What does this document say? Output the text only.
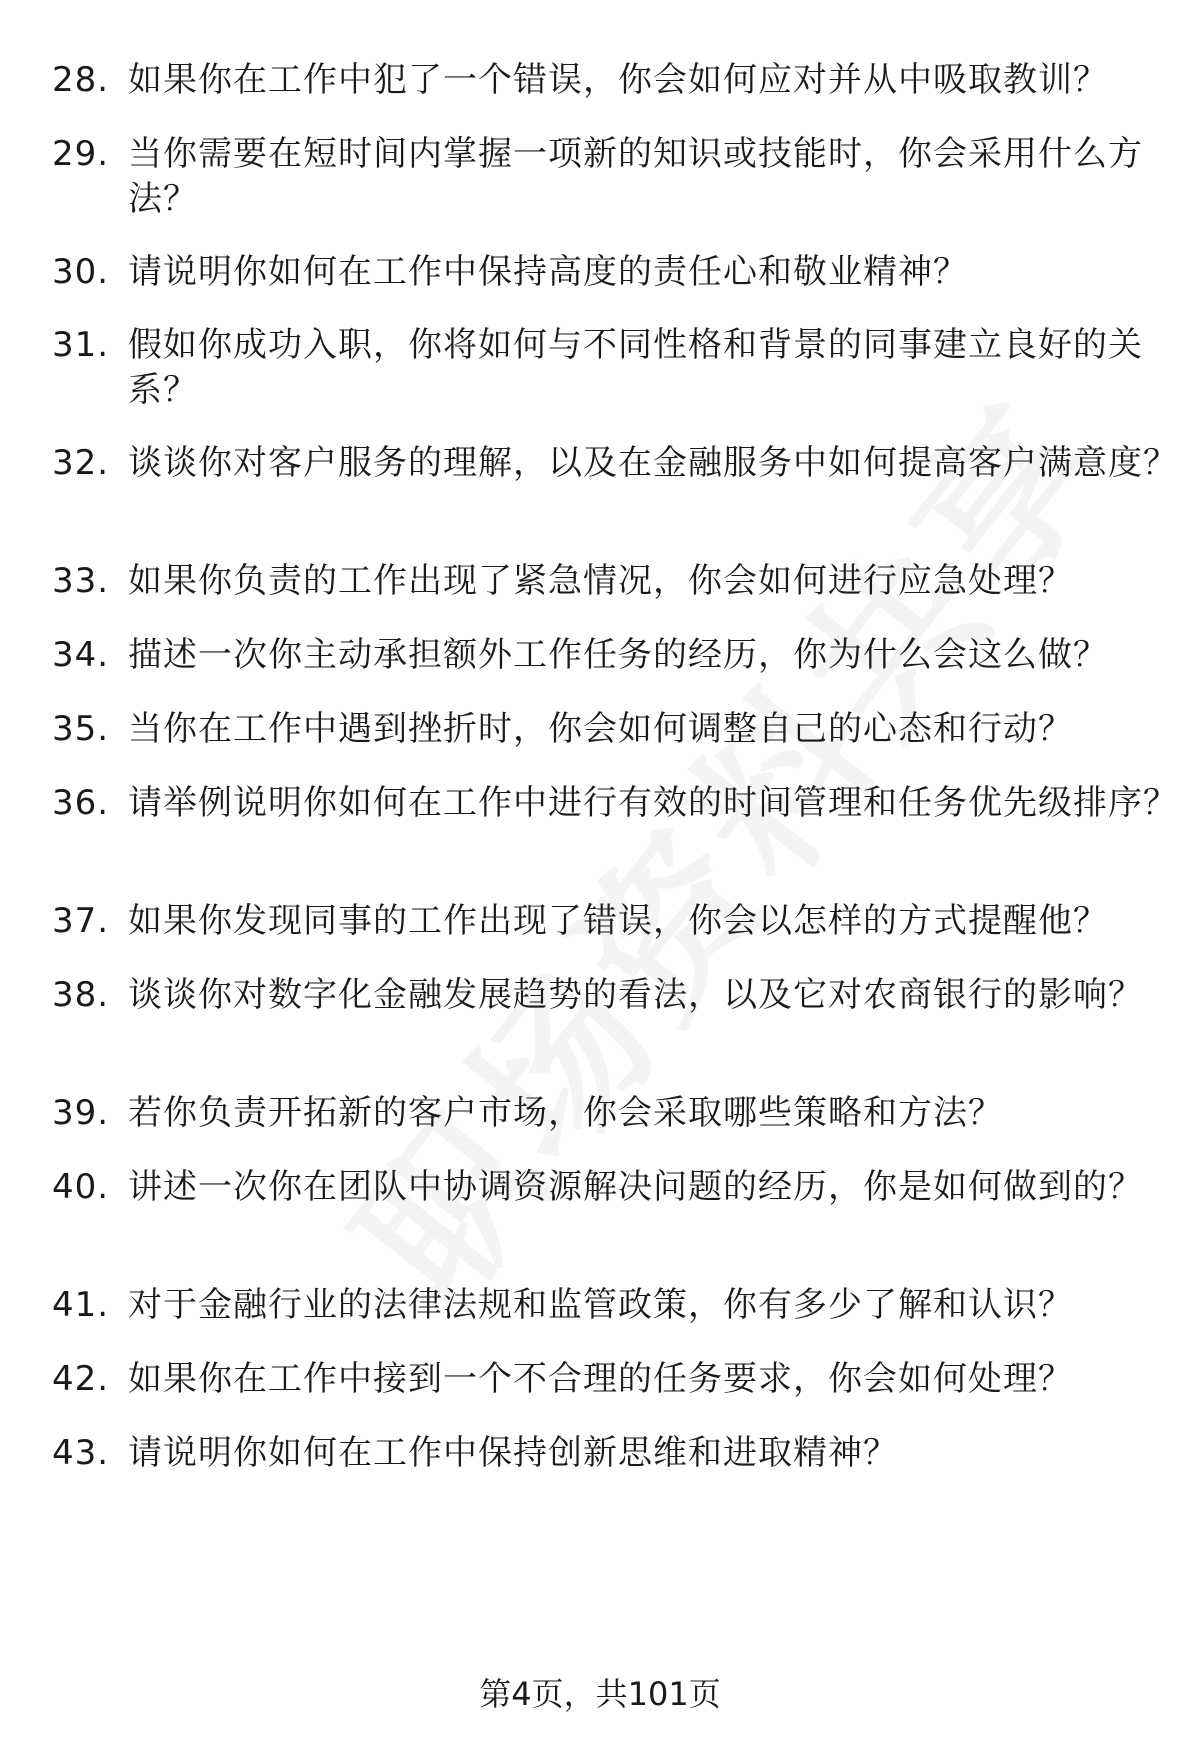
28. 如果你在工作中犯了一个错误，你会如何应对并从中吸取教训？
29. 当你需要在短时间内掌握一项新的知识或技能时，你会采用什么方法？
30. 请说明你如何在工作中保持高度的责任心和敬业精神？
31. 假如你成功入职，你将如何与不同性格和背景的同事建立良好的关系？
32. 谈谈你对客户服务的理解，以及在金融服务中如何提高客户满意度？
33. 如果你负责的工作出现了紧急情况，你会如何进行应急处理？
34. 描述一次你主动承担额外工作任务的经历，你为什么会这么做？
35. 当你在工作中遇到挫折时，你会如何调整自己的心态和行动？
36. 请举例说明你如何在工作中进行有效的时间管理和任务优先级排序？
37. 如果你发现同事的工作出现了错误，你会以怎样的方式提醒他？
38. 谈谈你对数字化金融发展趋势的看法，以及它对农商银行的影响？
39. 若你负责开拓新的客户市场，你会采取哪些策略和方法？
40. 讲述一次你在团队中协调资源解决问题的经历，你是如何做到的？
41. 对于金融行业的法律法规和监管政策，你有多少了解和认识？
42. 如果你在工作中接到一个不合理的任务要求，你会如何处理？
43. 请说明你如何在工作中保持创新思维和进取精神？
第4页，共101页
